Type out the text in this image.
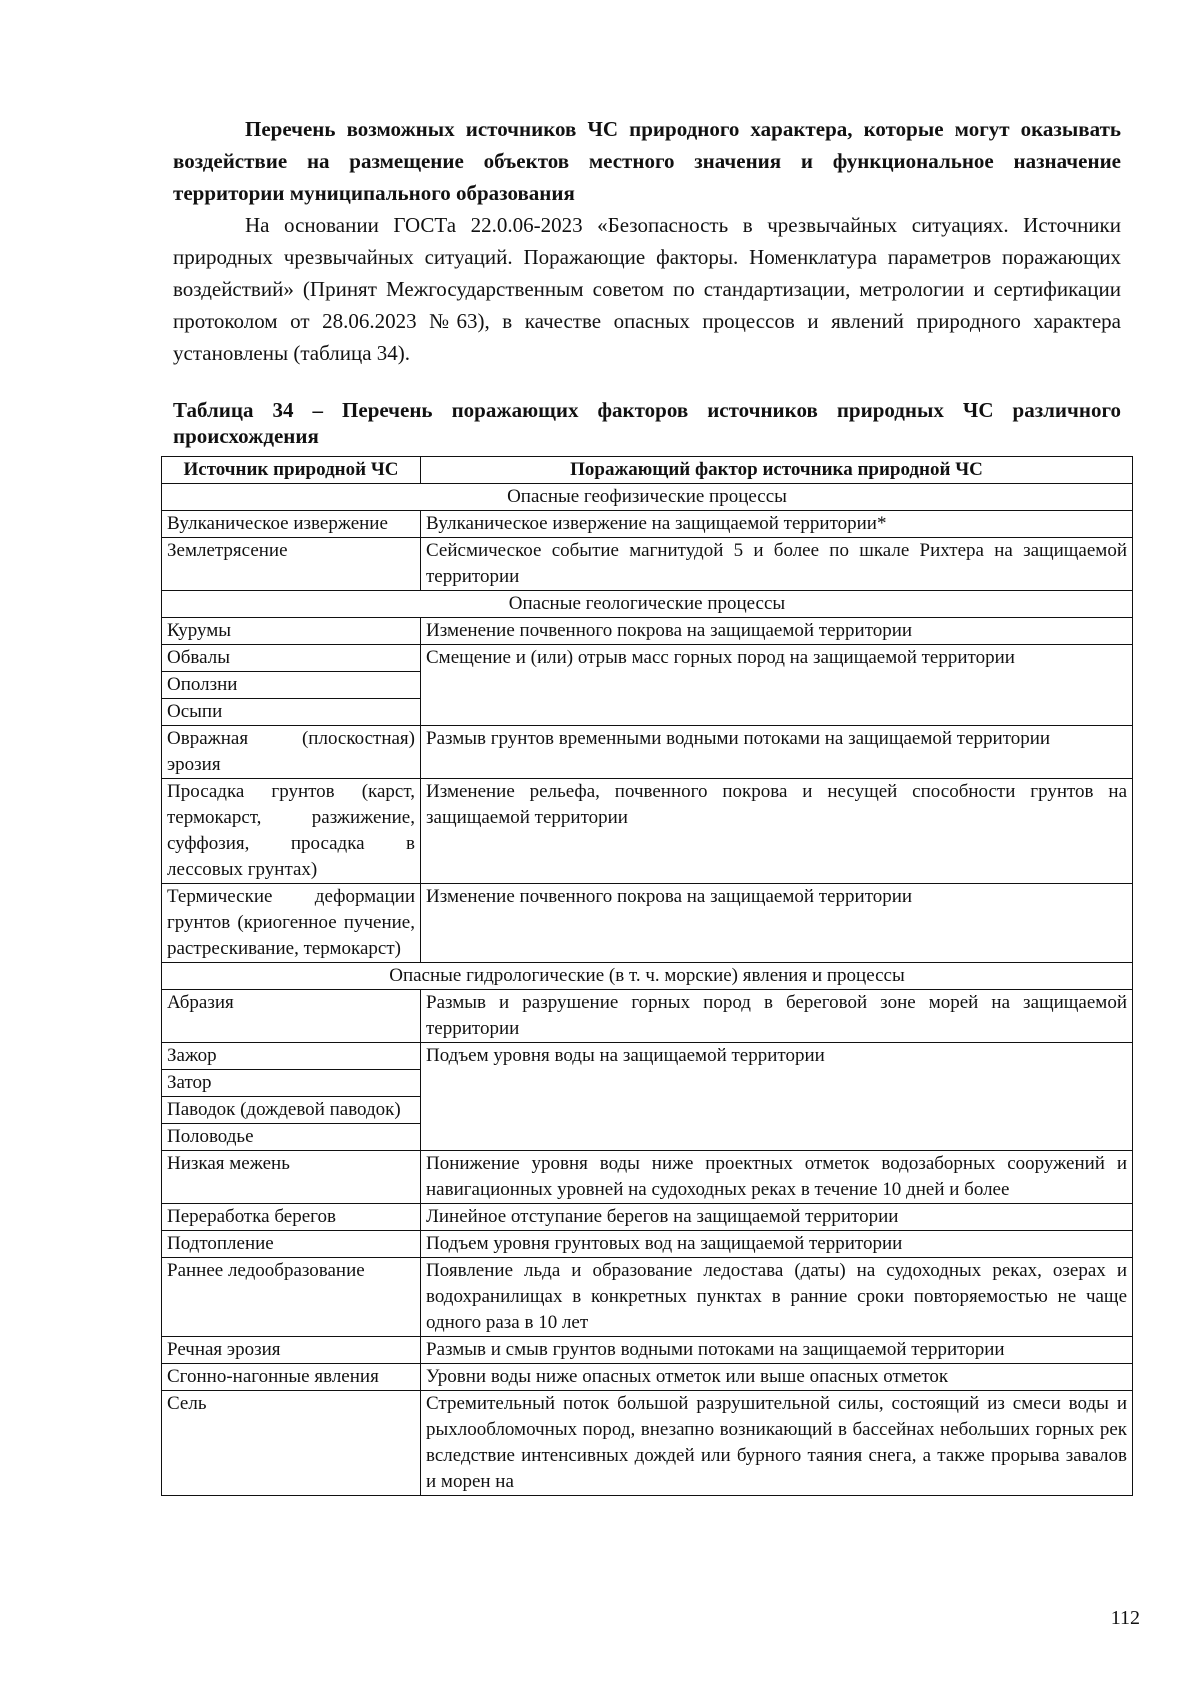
Перечень возможных источников ЧС природного характера, которые могут оказывать воздействие на размещение объектов местного значения и функциональное назначение территории муниципального образования

На основании ГОСТа 22.0.06-2023 «Безопасность в чрезвычайных ситуациях. Источники природных чрезвычайных ситуаций. Поражающие факторы. Номенклатура параметров поражающих воздействий» (Принят Межгосударственным советом по стандартизации, метрологии и сертификации протоколом от 28.06.2023 №63), в качестве опасных процессов и явлений природного характера установлены (таблица 34).

Таблица 34 – Перечень поражающих факторов источников природных ЧС различного происхождения

Источник природной ЧС	Поражающий фактор источника природной ЧС
Опасные геофизические процессы	
Вулканическое извержение	Вулканическое извержение на защищаемой территории*
Землетрясение	Сейсмическое событие магнитудой 5 и более по шкале Рихтера на защищаемой территории
Опасные геологические процессы	
Курумы	Изменение почвенного покрова на защищаемой территории
Обвалы	Смещение и (или) отрыв масс горных пород на защищаемой территории
Оползни	
Осыпи	
Овражная (плоскостная) эрозия	Размыв грунтов временными водными потоками на защищаемой территории
Просадка грунтов (карст, термокарст, разжижение, суффозия, просадка в лессовых грунтах)	Изменение рельефа, почвенного покрова и несущей способности грунтов на защищаемой территории
Термические деформации грунтов (криогенное пучение, растрескивание, термокарст)	Изменение почвенного покрова на защищаемой территории
Опасные гидрологические (в т. ч. морские) явления и процессы	
Абразия	Размыв и разрушение горных пород в береговой зоне морей на защищаемой территории
Зажор	Подъем уровня воды на защищаемой территории
Затор	
Паводок (дождевой паводок)	
Половодье	
Низкая межень	Понижение уровня воды ниже проектных отметок водозаборных сооружений и навигационных уровней на судоходных реках в течение 10 дней и более
Переработка берегов	Линейное отступание берегов на защищаемой территории
Подтопление	Подъем уровня грунтовых вод на защищаемой территории
Раннее ледообразование	Появление льда и образование ледостава (даты) на судоходных реках, озерах и водохранилищах в конкретных пунктах в ранние сроки повторяемостью не чаще одного раза в 10 лет
Речная эрозия	Размыв и смыв грунтов водными потоками на защищаемой территории
Сгонно-нагонные явления	Уровни воды ниже опасных отметок или выше опасных отметок
Сель	Стремительный поток большой разрушительной силы, состоящий из смеси воды и рыхлообломочных пород, внезапно возникающий в бассейнах небольших горных рек вследствие интенсивных дождей или бурного таяния снега, а также прорыва завалов и морен на
112
